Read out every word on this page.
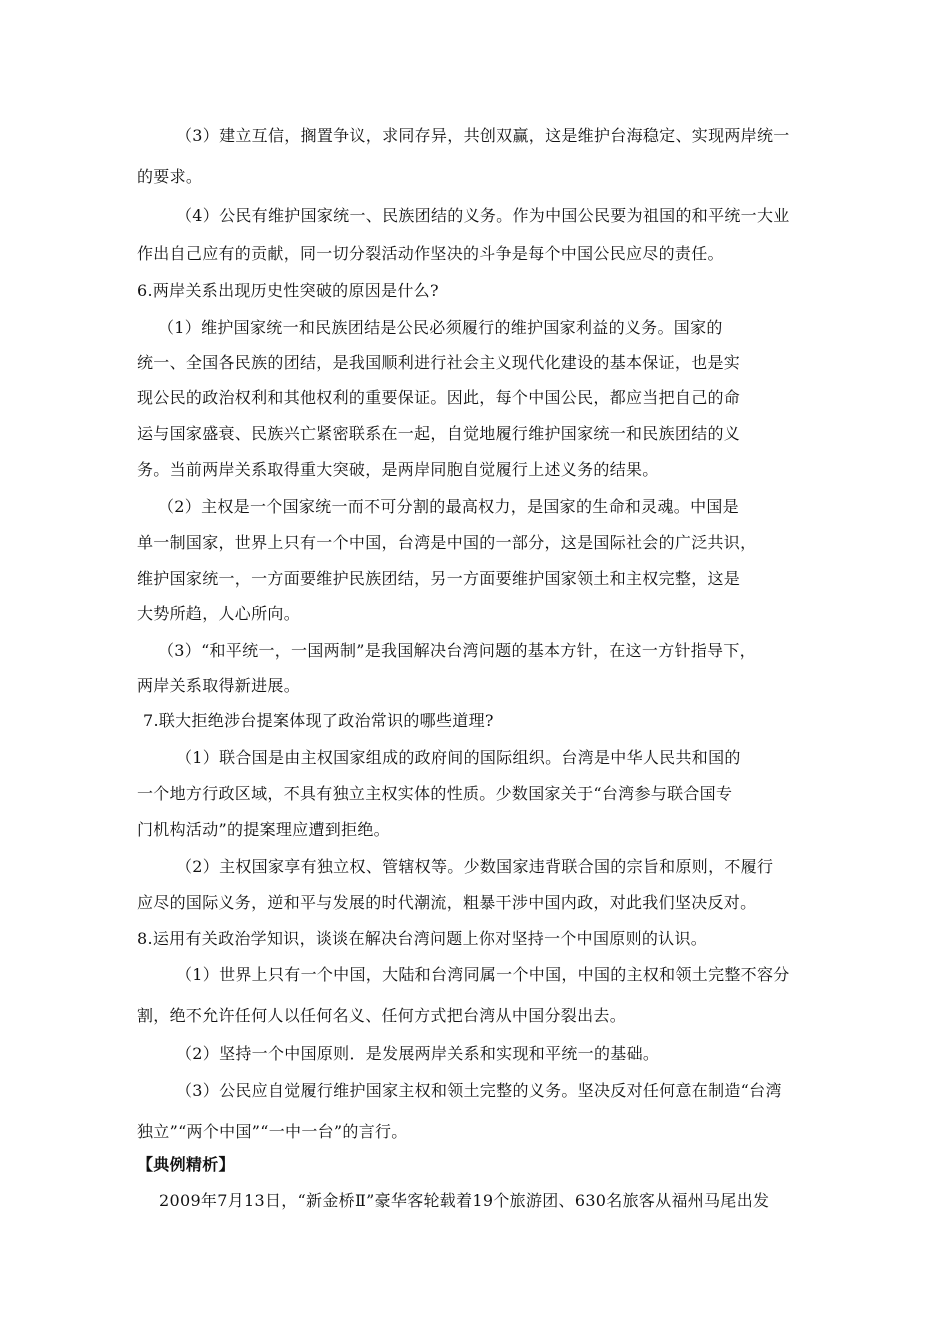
（3）建立互信，搁置争议，求同存异，共创双赢，这是维护台海稳定、实现两岸统一
的要求。
（4）公民有维护国家统一、民族团结的义务。作为中国公民要为祖国的和平统一大业
作出自己应有的贡献，同一切分裂活动作坚决的斗争是每个中国公民应尽的责任。
6.两岸关系出现历史性突破的原因是什么?
（1）维护国家统一和民族团结是公民必须履行的维护国家利益的义务。国家的
统一、全国各民族的团结，是我国顺利进行社会主义现代化建设的基本保证，也是实
现公民的政治权利和其他权利的重要保证。因此，每个中国公民，都应当把自己的命
运与国家盛衰、民族兴亡紧密联系在一起，自觉地履行维护国家统一和民族团结的义
务。当前两岸关系取得重大突破，是两岸同胞自觉履行上述义务的结果。
（2）主权是一个国家统一而不可分割的最高权力，是国家的生命和灵魂。中国是
单一制国家，世界上只有一个中国，台湾是中国的一部分，这是国际社会的广泛共识，
维护国家统一，一方面要维护民族团结，另一方面要维护国家领土和主权完整，这是
大势所趋，人心所向。
（3）“和平统一，一国两制”是我国解决台湾问题的基本方针，在这一方针指导下，
两岸关系取得新进展。
7.联大拒绝涉台提案体现了政治常识的哪些道理?
（1）联合国是由主权国家组成的政府间的国际组织。台湾是中华人民共和国的
一个地方行政区域，不具有独立主权实体的性质。少数国家关于“台湾参与联合国专
门机构活动”的提案理应遭到拒绝。
（2）主权国家享有独立权、管辖权等。少数国家违背联合国的宗旨和原则，不履行
应尽的国际义务，逆和平与发展的时代潮流，粗暴干涉中国内政，对此我们坚决反对。
8.运用有关政治学知识，谈谈在解决台湾问题上你对坚持一个中国原则的认识。
（1）世界上只有一个中国，大陆和台湾同属一个中国，中国的主权和领土完整不容分
割，绝不允许任何人以任何名义、任何方式把台湾从中国分裂出去。
（2）坚持一个中国原则．是发展两岸关系和实现和平统一的基础。
（3）公民应自觉履行维护国家主权和领土完整的义务。坚决反对任何意在制造“台湾
独立”“两个中国”“一中一台”的言行。
【典例精析】
2009年7月13日，“新金桥Ⅱ”豪华客轮载着19个旅游团、630名旅客从福州马尾出发
